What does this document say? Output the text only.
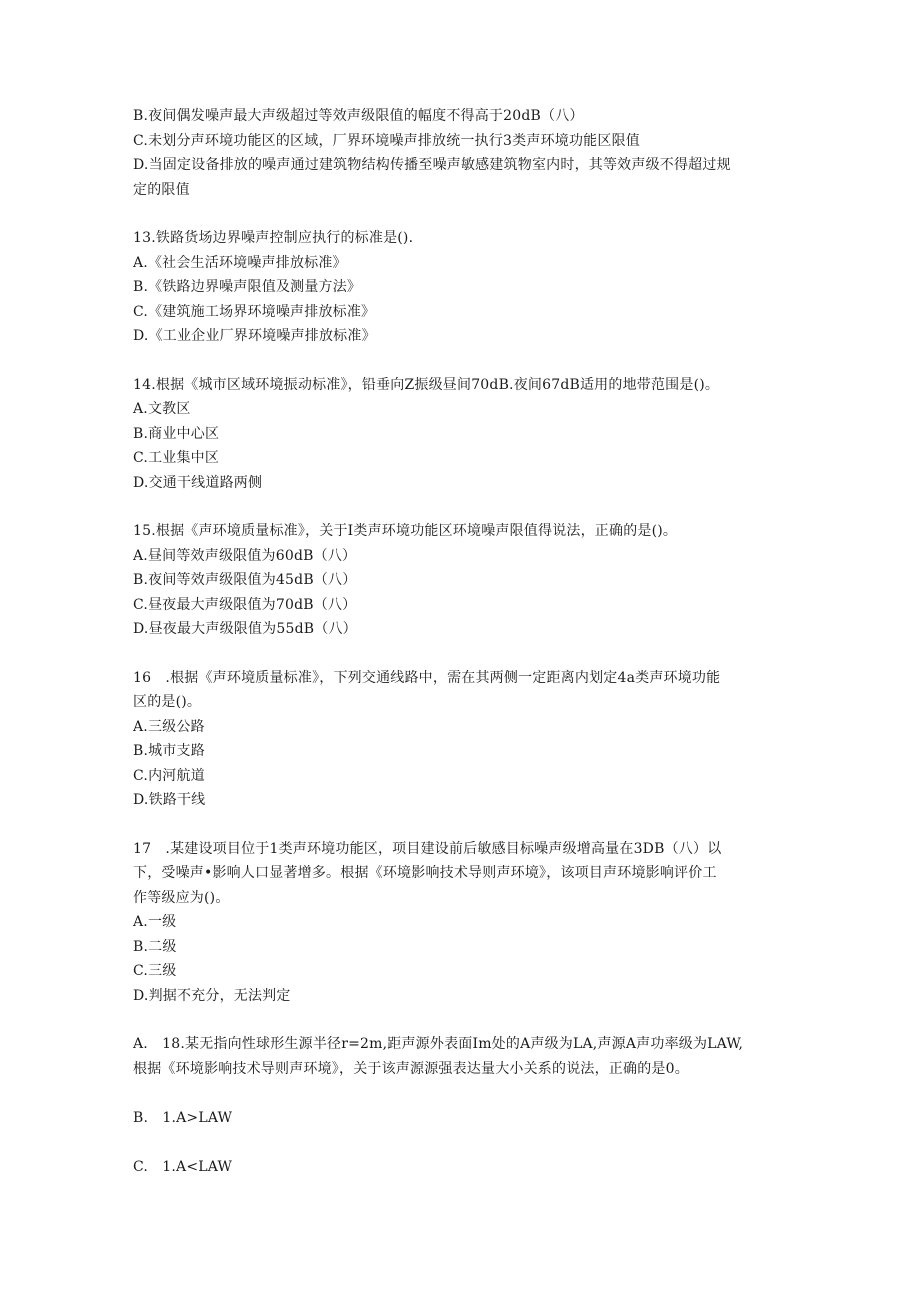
B.夜间偶发噪声最大声级超过等效声级限值的幅度不得高于20dB（八）
C.未划分声环境功能区的区域，厂界环境噪声排放统一执行3类声环境功能区限值
D.当固定设备排放的噪声通过建筑物结构传播至噪声敏感建筑物室内时，其等效声级不得超过规
定的限值
13.铁路货场边界噪声控制应执行的标准是().
A.《社会生活环境噪声排放标准》
B.《铁路边界噪声限值及测量方法》
C.《建筑施工场界环境噪声排放标准》
D.《工业企业厂界环境噪声排放标准》
14.根据《城市区域环境振动标准》，铅垂向Z振级昼间70dB.夜间67dB适用的地带范围是()。
A.文教区
B.商业中心区
C.工业集中区
D.交通干线道路两侧
15.根据《声环境质量标准》，关于I类声环境功能区环境噪声限值得说法，正确的是()。
A.昼间等效声级限值为60dB（八）
B.夜间等效声级限值为45dB（八）
C.昼夜最大声级限值为70dB（八）
D.昼夜最大声级限值为55dB（八）
16　.根据《声环境质量标准》，下列交通线路中，需在其两侧一定距离内划定4a类声环境功能
区的是()。
A.三级公路
B.城市支路
C.内河航道
D.铁路干线
17　.某建设项目位于1类声环境功能区，项目建设前后敏感目标噪声级增高量在3DB（八）以
下，受噪声•影响人口显著增多。根据《环境影响技术导则声环境》，该项目声环境影响评价工
作等级应为()。
A.一级
B.二级
C.三级
D.判据不充分，无法判定
A.　18.某无指向性球形生源半径r=2m,距声源外表面Im处的A声级为LA,声源A声功率级为LAW,
根据《环境影响技术导则声环境》，关于该声源源强表达量大小关系的说法，正确的是0。
B.　1.A>LAW
C.　1.A<LAW
